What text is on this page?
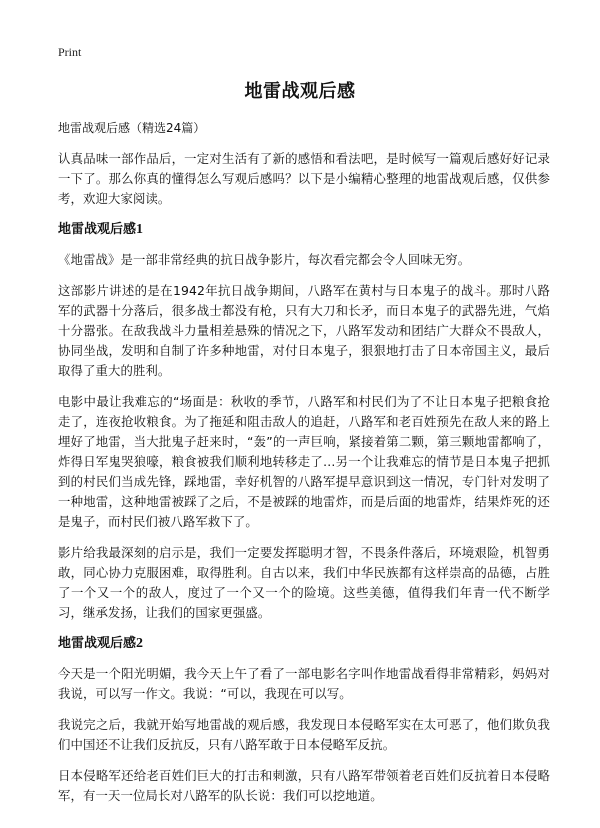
Print
地雷战观后感
地雷战观后感（精选24篇）

认真品味一部作品后，一定对生活有了新的感悟和看法吧，是时候写一篇观后感好好记录一下了。那么你真的懂得怎么写观后感吗？以下是小编精心整理的地雷战观后感，仅供参考，欢迎大家阅读。

地雷战观后感1

《地雷战》是一部非常经典的抗日战争影片，每次看完都会令人回味无穷。

这部影片讲述的是在1942年抗日战争期间，八路军在黄村与日本鬼子的战斗。那时八路军的武器十分落后，很多战士都没有枪，只有大刀和长矛，而日本鬼子的武器先进，气焰十分嚣张。在敌我战斗力量相差悬殊的情况之下，八路军发动和团结广大群众不畏敌人，协同坐战，发明和自制了许多种地雷，对付日本鬼子，狠狠地打击了日本帝国主义，最后取得了重大的胜利。

电影中最让我难忘的“场面是：秋收的季节，八路军和村民们为了不让日本鬼子把粮食抢走了，连夜抢收粮食。为了拖延和阻击敌人的追赶，八路军和老百姓预先在敌人来的路上埋好了地雷，当大批鬼子赶来时，“轰”的一声巨响，紧接着第二颗，第三颗地雷都响了，炸得日军鬼哭狼嚎，粮食被我们顺利地转移走了…另一个让我难忘的情节是日本鬼子把抓到的村民们当成先锋，踩地雷，幸好机智的八路军提早意识到这一情况，专门针对发明了一种地雷，这种地雷被踩了之后，不是被踩的地雷炸，而是后面的地雷炸，结果炸死的还是鬼子，而村民们被八路军救下了。

影片给我最深刻的启示是，我们一定要发挥聪明才智，不畏条件落后，环境艰险，机智勇敢，同心协力克服困难，取得胜利。自古以来，我们中华民族都有这样崇高的品德，占胜了一个又一个的敌人，度过了一个又一个的险境。这些美德，值得我们年青一代不断学习，继承发扬，让我们的国家更强盛。

地雷战观后感2

今天是一个阳光明媚，我今天上午了看了一部电影名字叫作地雷战看得非常精彩，妈妈对我说，可以写一作文。我说：“可以，我现在可以写。

我说完之后，我就开始写地雷战的观后感，我发现日本侵略军实在太可恶了，他们欺负我们中国还不让我们反抗反，只有八路军敢于日本侵略军反抗。

日本侵略军还给老百姓们巨大的打击和刺激，只有八路军带领着老百姓们反抗着日本侵略军，有一天一位局长对八路军的队长说：我们可以挖地道。
